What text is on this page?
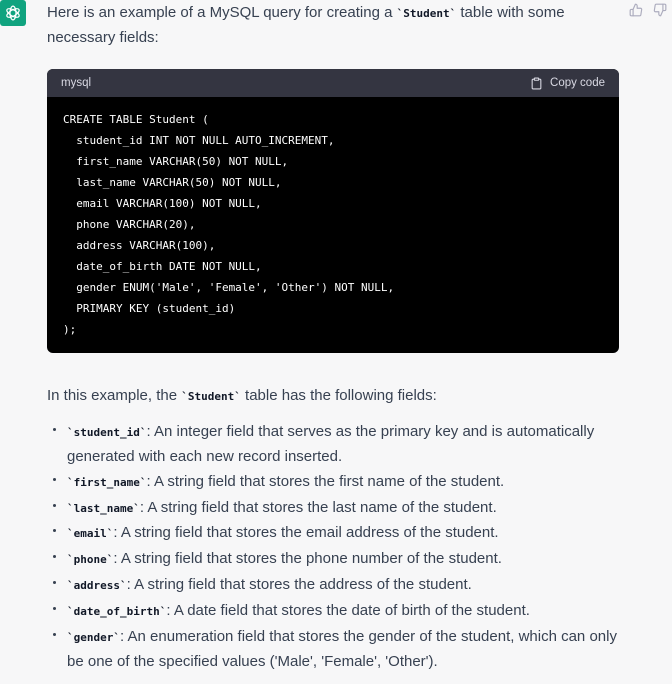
Here is an example of a MySQL query for creating a `Student` table with some necessary fields:

mysql	Copy code
CREATE TABLE Student (
student_id INT NOT NULL AUTO_INCREMENT,
first_name VARCHAR(50) NOT NULL,
last_name VARCHAR(50) NOT NULL,
email VARCHAR(100) NOT NULL,
phone VARCHAR(20),
address VARCHAR(100),
date_of_birth DATE NOT NULL,
gender ENUM('Male', 'Female', 'Other') NOT NULL,
PRIMARY KEY (student_id)
);

In this example, the `Student` table has the following fields:

`student_id`: An integer field that serves as the primary key and is automatically generated with each new record inserted.
`first_name`: A string field that stores the first name of the student.
`last_name`: A string field that stores the last name of the student.
`email`: A string field that stores the email address of the student.
`phone`: A string field that stores the phone number of the student.
`address`: A string field that stores the address of the student.
`date_of_birth`: A date field that stores the date of birth of the student.
`gender`: An enumeration field that stores the gender of the student, which can only be one of the specified values ('Male', 'Female', 'Other').
